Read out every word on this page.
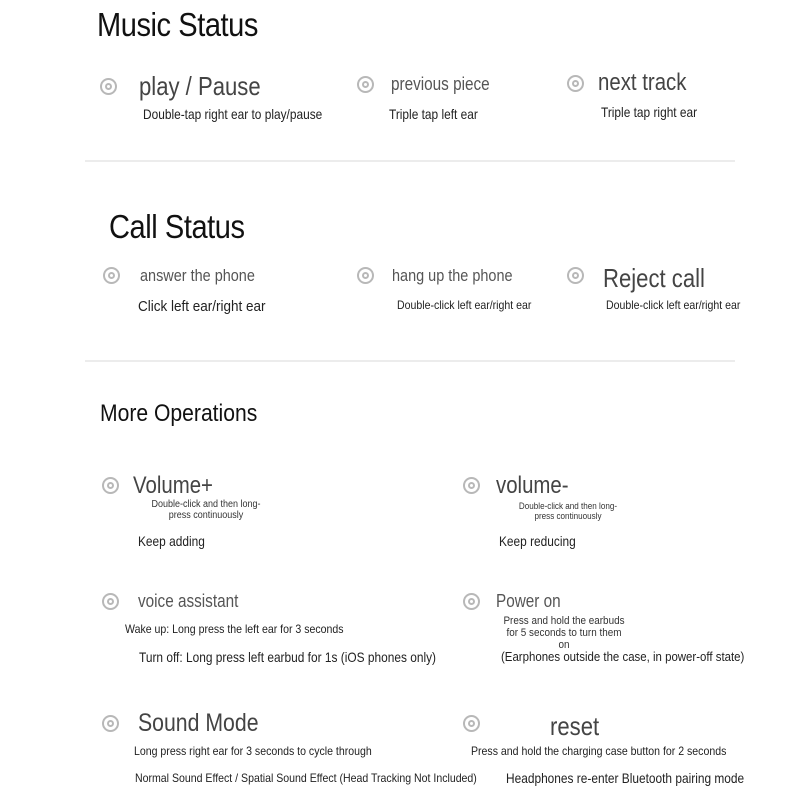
Music Status
play / Pause
Double-tap right ear to play/pause
previous piece
Triple tap left ear
next track
Triple tap right ear
Call Status
answer the phone
Click left ear/right ear
hang up the phone
Double-click left ear/right ear
Reject call
Double-click left ear/right ear
More Operations
Volume+
Double-click and then long-press continuously
Keep adding
volume-
Double-click and then long-press continuously
Keep reducing
voice assistant
Wake up: Long press the left ear for 3 seconds
Turn off: Long press left earbud for 1s (iOS phones only)
Power on
Press and hold the earbuds for 5 seconds to turn them on
(Earphones outside the case, in power-off state)
Sound Mode
Long press right ear for 3 seconds to cycle through
Normal Sound Effect / Spatial Sound Effect (Head Tracking Not Included)
reset
Press and hold the charging case button for 2 seconds
Headphones re-enter Bluetooth pairing mode
